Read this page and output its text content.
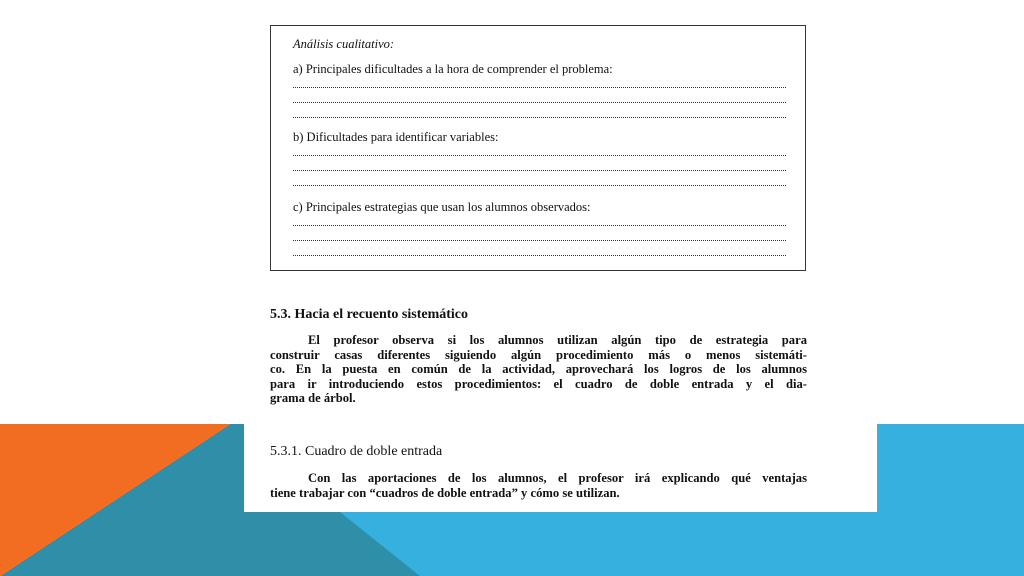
Análisis cualitativo:
a) Principales dificultades a la hora de comprender el problema:
b) Dificultades para identificar variables:
c) Principales estrategias que usan los alumnos observados:
5.3. Hacia el recuento sistemático
El profesor observa si los alumnos utilizan algún tipo de estrategia para
construir casas diferentes siguiendo algún procedimiento más o menos sistemáti-
co. En la puesta en común de la actividad, aprovechará los logros de los alumnos
para ir introduciendo estos procedimientos: el cuadro de doble entrada y el dia-
grama de árbol.
5.3.1. Cuadro de doble entrada
Con las aportaciones de los alumnos, el profesor irá explicando qué ventajas
tiene trabajar con “cuadros de doble entrada” y cómo se utilizan.
